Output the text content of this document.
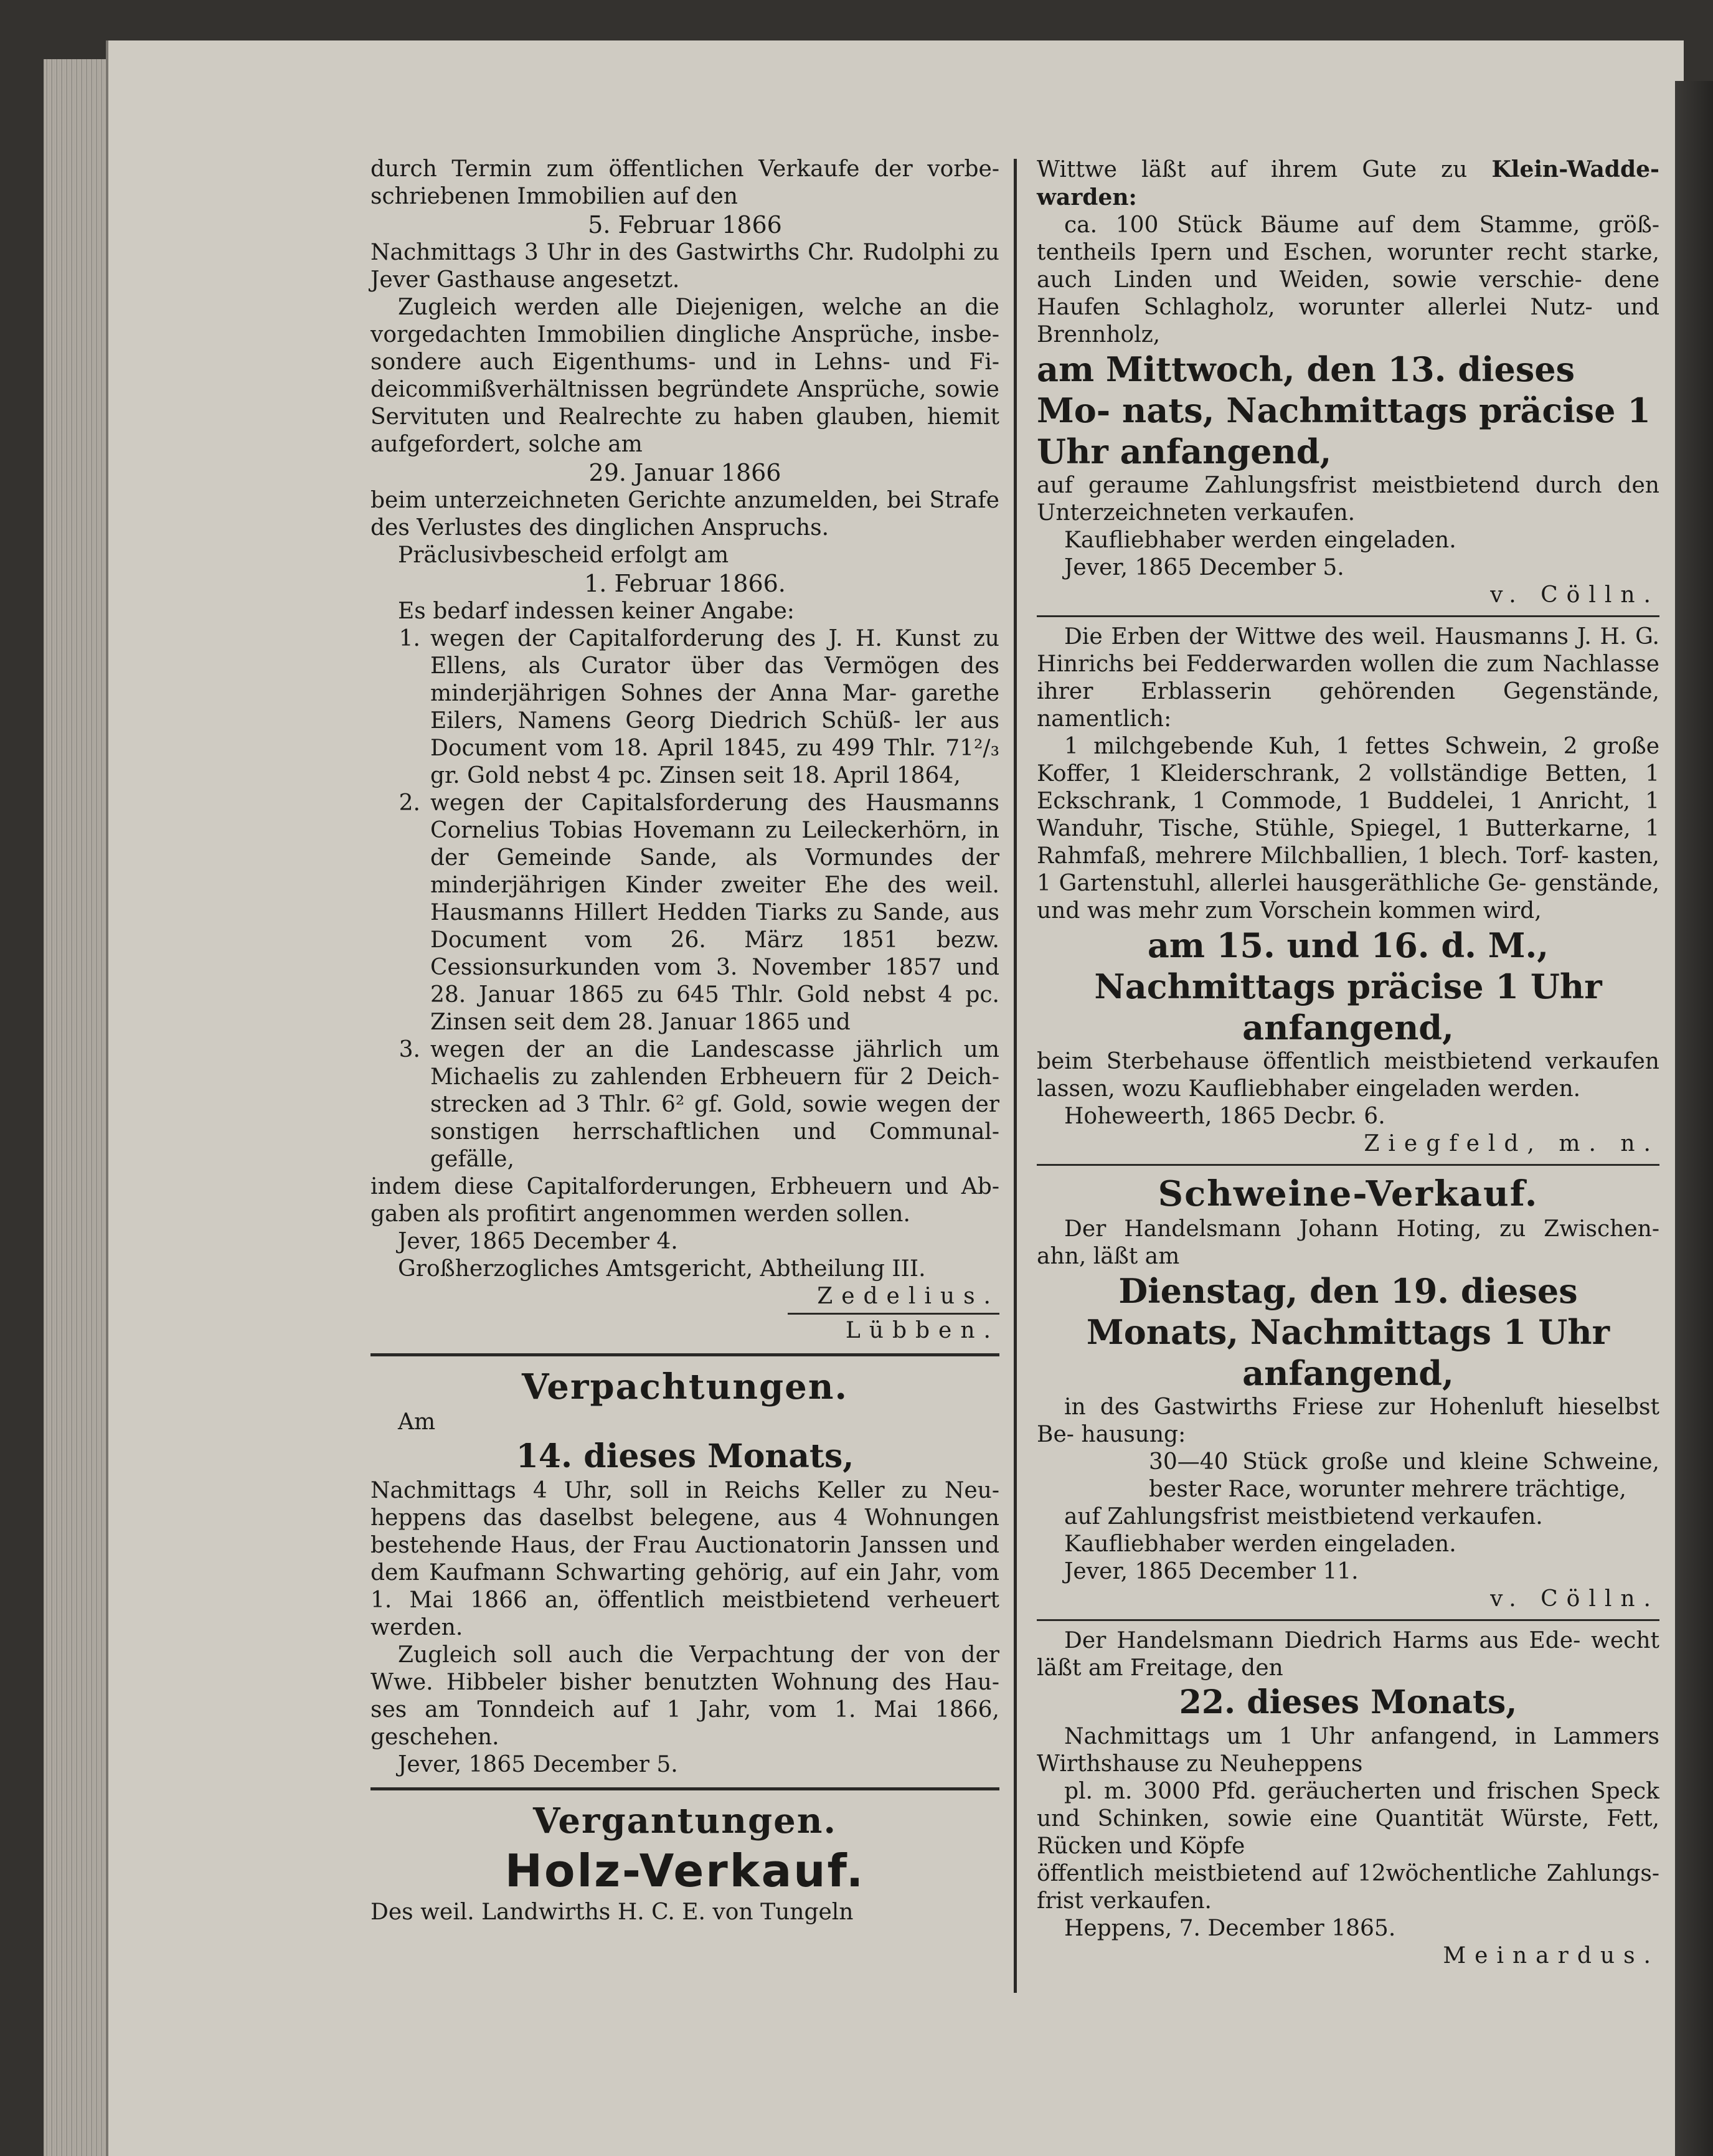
durch Termin zum öffentlichen Verkaufe der vorbe- schriebenen Immobilien auf den

5. Februar 1866

Nachmittags 3 Uhr in des Gastwirths Chr. Rudolphi zu Jever Gasthause angesetzt.

Zugleich werden alle Diejenigen, welche an die vorgedachten Immobilien dingliche Ansprüche, insbe- sondere auch Eigenthums- und in Lehns- und Fi- deicommißverhältnissen begründete Ansprüche, sowie Servituten und Realrechte zu haben glauben, hiemit aufgefordert, solche am

29. Januar 1866

beim unterzeichneten Gerichte anzumelden, bei Strafe des Verlustes des dinglichen Anspruchs.

Präclusivbescheid erfolgt am

1. Februar 1866.

Es bedarf indessen keiner Angabe:

1. wegen der Capitalforderung des J. H. Kunst zu Ellens, als Curator über das Vermögen des minderjährigen Sohnes der Anna Mar- garethe Eilers, Namens Georg Diedrich Schüß- ler aus Document vom 18. April 1845, zu 499 Thlr. 71²/₃ gr. Gold nebst 4 pc. Zinsen seit 18. April 1864,
2. wegen der Capitalsforderung des Hausmanns Cornelius Tobias Hovemann zu Leileckerhörn, in der Gemeinde Sande, als Vormundes der minderjährigen Kinder zweiter Ehe des weil. Hausmanns Hillert Hedden Tiarks zu Sande, aus Document vom 26. März 1851 bezw. Cessionsurkunden vom 3. November 1857 und 28. Januar 1865 zu 645 Thlr. Gold nebst 4 pc. Zinsen seit dem 28. Januar 1865 und
3. wegen der an die Landescasse jährlich um Michaelis zu zahlenden Erbheuern für 2 Deich- strecken ad 3 Thlr. 6² gf. Gold, sowie wegen der sonstigen herrschaftlichen und Communal- gefälle,

indem diese Capitalforderungen, Erbheuern und Ab- gaben als profitirt angenommen werden sollen.

Jever, 1865 December 4.

Großherzogliches Amtsgericht, Abtheilung III.

Zedelius.

Lübben.

Verpachtungen.

Am

14. dieses Monats,

Nachmittags 4 Uhr, soll in Reichs Keller zu Neu- heppens das daselbst belegene, aus 4 Wohnungen bestehende Haus, der Frau Auctionatorin Janssen und dem Kaufmann Schwarting gehörig, auf ein Jahr, vom 1. Mai 1866 an, öffentlich meistbietend verheuert werden.

Zugleich soll auch die Verpachtung der von der Wwe. Hibbeler bisher benutzten Wohnung des Hau- ses am Tonndeich auf 1 Jahr, vom 1. Mai 1866, geschehen.

Jever, 1865 December 5.

Vergantungen.

Holz-Verkauf.

Des weil. Landwirths H. C. E. von Tungeln

Wittwe läßt auf ihrem Gute zu Klein-Wadde- warden:

ca. 100 Stück Bäume auf dem Stamme, größ- tentheils Ipern und Eschen, worunter recht starke, auch Linden und Weiden, sowie verschie- dene Haufen Schlagholz, worunter allerlei Nutz- und Brennholz,

am Mittwoch, den 13. dieses Mo- nats, Nachmittags präcise 1 Uhr anfangend,

auf geraume Zahlungsfrist meistbietend durch den Unterzeichneten verkaufen.

Kaufliebhaber werden eingeladen.

Jever, 1865 December 5.

v. Cölln.

Die Erben der Wittwe des weil. Hausmanns J. H. G. Hinrichs bei Fedderwarden wollen die zum Nachlasse ihrer Erblasserin gehörenden Gegenstände, namentlich:

1 milchgebende Kuh, 1 fettes Schwein, 2 große Koffer, 1 Kleiderschrank, 2 vollständige Betten, 1 Eckschrank, 1 Commode, 1 Buddelei, 1 Anricht, 1 Wanduhr, Tische, Stühle, Spiegel, 1 Butterkarne, 1 Rahmfaß, mehrere Milchballien, 1 blech. Torf- kasten, 1 Gartenstuhl, allerlei hausgeräthliche Ge- genstände, und was mehr zum Vorschein kommen wird,

am 15. und 16. d. M., Nachmittags präcise 1 Uhr anfangend,

beim Sterbehause öffentlich meistbietend verkaufen lassen, wozu Kaufliebhaber eingeladen werden.

Hoheweerth, 1865 Decbr. 6.

Ziegfeld, m. n.

Schweine-Verkauf.

Der Handelsmann Johann Hoting, zu Zwischen- ahn, läßt am

Dienstag, den 19. dieses Monats, Nachmittags 1 Uhr anfangend,

in des Gastwirths Friese zur Hohenluft hieselbst Be- hausung:

30—40 Stück große und kleine Schweine, bester Race, worunter mehrere trächtige,

auf Zahlungsfrist meistbietend verkaufen.

Kaufliebhaber werden eingeladen.

Jever, 1865 December 11.

v. Cölln.

Der Handelsmann Diedrich Harms aus Ede- wecht läßt am Freitage, den

22. dieses Monats,

Nachmittags um 1 Uhr anfangend, in Lammers Wirthshause zu Neuheppens

pl. m. 3000 Pfd. geräucherten und frischen Speck und Schinken, sowie eine Quantität Würste, Fett, Rücken und Köpfe

öffentlich meistbietend auf 12wöchentliche Zahlungs- frist verkaufen.

Heppens, 7. December 1865.

Meinardus.
